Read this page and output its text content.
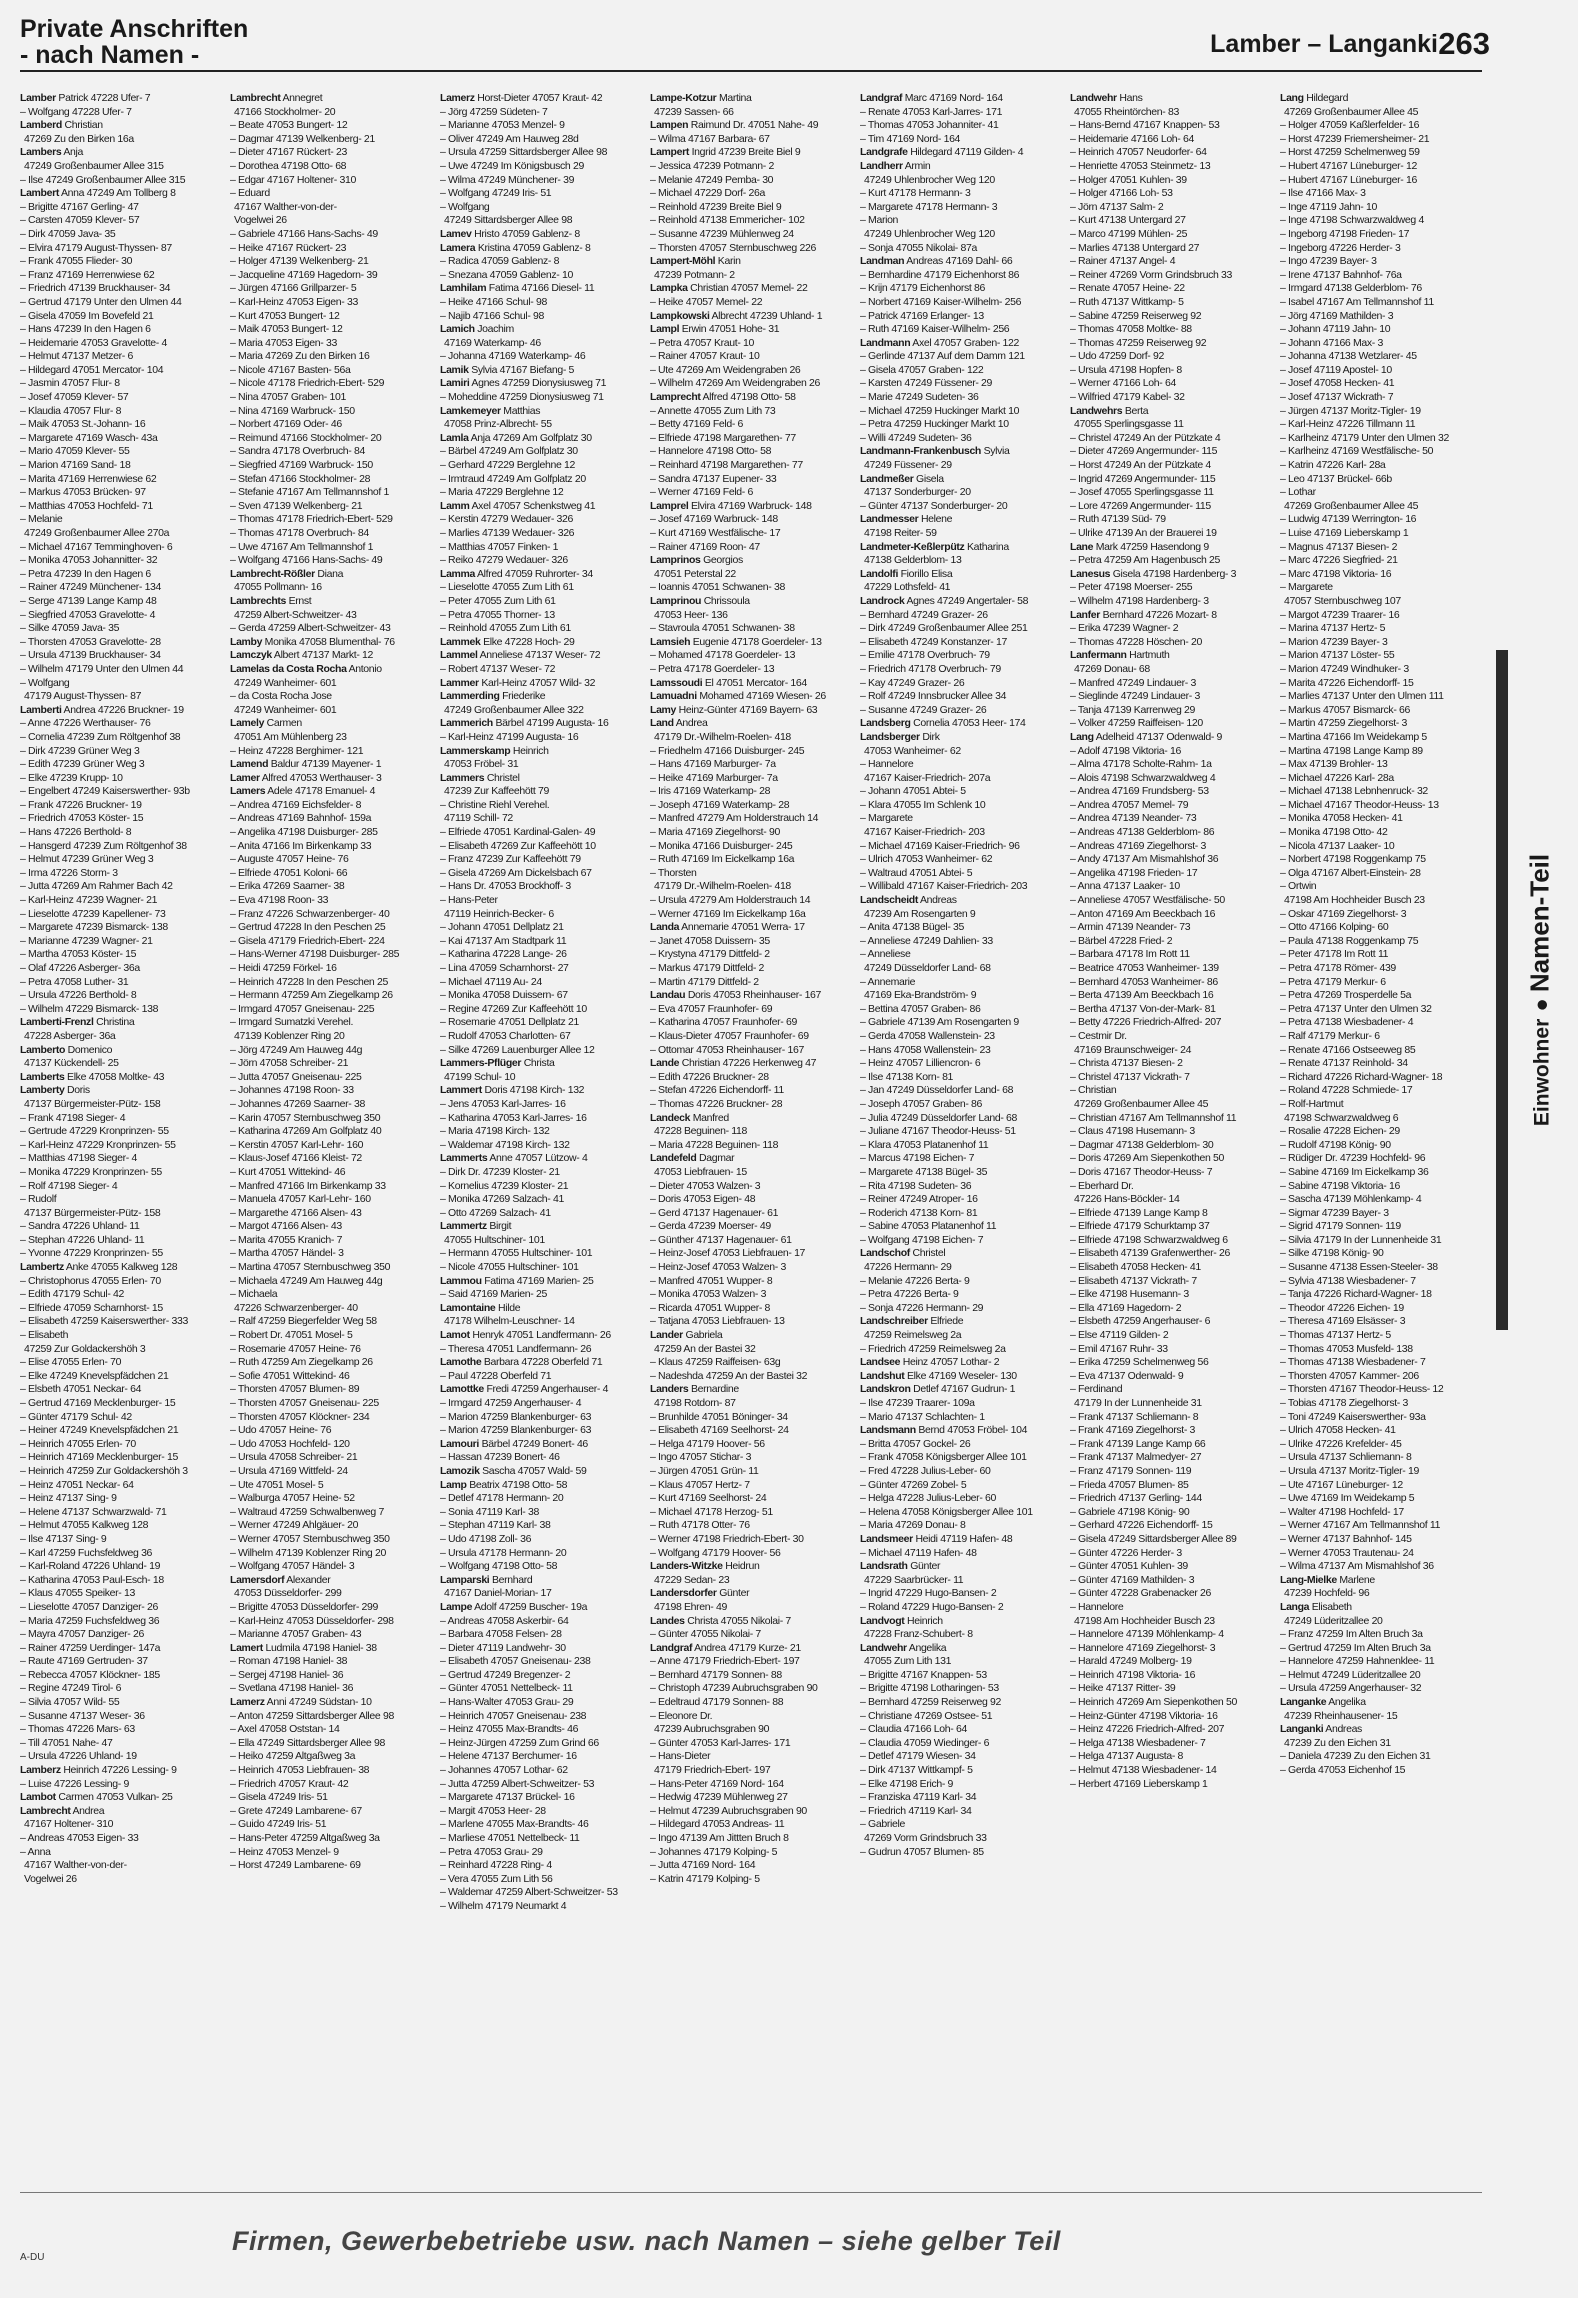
Private Anschriften
- nach Namen -	Lamber – Langanki 263
Lamber Patrick 47228 Ufer- 7
– Wolfgang 47228 Ufer- 7
Lamberd Christian
47269 Zu den Birken 16a
Lambers Anja
47249 Großenbaumer Allee 315
– Ilse 47249 Großenbaumer Allee 315
Lambert Anna 47249 Am Tollberg 8
– Brigitte 47167 Gerling- 47
– Carsten 47059 Klever- 57
– Dirk 47059 Java- 35
– Elvira 47179 August-Thyssen- 87
– Frank 47055 Flieder- 30
– Franz 47169 Herrenwiese 62
– Friedrich 47139 Bruckhauser- 34
– Gertrud 47179 Unter den Ulmen 44
– Gisela 47059 Im Bovefeld 21
– Hans 47239 In den Hagen 6
– Heidemarie 47053 Gravelotte- 4
– Helmut 47137 Metzer- 6
– Hildegard 47051 Mercator- 104
– Jasmin 47057 Flur- 8
– Josef 47059 Klever- 57
– Klaudia 47057 Flur- 8
– Maik 47053 St.-Johann- 16
– Margarete 47169 Wasch- 43a
– Mario 47059 Klever- 55
– Marion 47169 Sand- 18
– Marita 47169 Herrenwiese 62
– Markus 47053 Brücken- 97
– Matthias 47053 Hochfeld- 71
– Melanie
47249 Großenbaumer Allee 270a
– Michael 47167 Temminghoven- 6
– Monika 47053 Johannitter- 32
– Petra 47239 In den Hagen 6
– Rainer 47249 Münchener- 134
– Serge 47139 Lange Kamp 48
– Siegfried 47053 Gravelotte- 4
– Silke 47059 Java- 35
– Thorsten 47053 Gravelotte- 28
– Ursula 47139 Bruckhauser- 34
– Wilhelm 47179 Unter den Ulmen 44
– Wolfgang
47179 August-Thyssen- 87
Lamberti Andrea 47226 Bruckner- 19
– Anne 47226 Werthauser- 76
– Cornelia 47239 Zum Röltgenhof 38
– Dirk 47239 Grüner Weg 3
– Edith 47239 Grüner Weg 3
– Elke 47239 Krupp- 10
– Engelbert 47249 Kaiserswerther- 93b
– Frank 47226 Bruckner- 19
– Friedrich 47053 Köster- 15
– Hans 47226 Berthold- 8
– Hansgerd 47239 Zum Röltgenhof 38
– Helmut 47239 Grüner Weg 3
– Irma 47226 Storm- 3
– Jutta 47269 Am Rahmer Bach 42
– Karl-Heinz 47239 Wagner- 21
– Lieselotte 47239 Kapellener- 73
– Margarete 47239 Bismarck- 138
– Marianne 47239 Wagner- 21
– Martha 47053 Köster- 15
– Olaf 47226 Asberger- 36a
– Petra 47058 Luther- 31
– Ursula 47226 Berthold- 8
– Wilhelm 47229 Bismarck- 138
Lamberti-Frenzl Christina
47228 Asberger- 36a
Lamberto Domenico
47137 Kückendell- 25
Lamberts Elke 47058 Moltke- 43
Lamberty Doris
47137 Bürgermeister-Pütz- 158
– Frank 47198 Sieger- 4
– Gertrude 47229 Kronprinzen- 55
– Karl-Heinz 47229 Kronprinzen- 55
– Matthias 47198 Sieger- 4
– Monika 47229 Kronprinzen- 55
– Rolf 47198 Sieger- 4
– Rudolf
47137 Bürgermeister-Pütz- 158
– Sandra 47226 Uhland- 11
– Stephan 47226 Uhland- 11
– Yvonne 47229 Kronprinzen- 55
Lambertz Anke 47055 Kalkweg 128
– Christophorus 47055 Erlen- 70
– Edith 47179 Schul- 42
– Elfriede 47059 Scharnhorst- 15
– Elisabeth 47259 Kaiserswerther- 333
– Elisabeth
47259 Zur Goldackershöh 3
– Elise 47055 Erlen- 70
– Elke 47249 Knevelspfädchen 21
– Elsbeth 47051 Neckar- 64
– Gertrud 47169 Mecklenburger- 15
– Günter 47179 Schul- 42
– Heiner 47249 Knevelspfädchen 21
– Heinrich 47055 Erlen- 70
– Heinrich 47169 Mecklenburger- 15
– Heinrich 47259 Zur Goldackershöh 3
– Heinz 47051 Neckar- 64
– Heinz 47137 Sing- 9
– Helene 47137 Schwarzwald- 71
– Helmut 47055 Kalkweg 128
– Ilse 47137 Sing- 9
– Karl 47259 Fuchsfeldweg 36
– Karl-Roland 47226 Uhland- 19
– Katharina 47053 Paul-Esch- 18
– Klaus 47055 Speiker- 13
– Lieselotte 47057 Danziger- 26
– Maria 47259 Fuchsfeldweg 36
– Mayra 47057 Danziger- 26
– Rainer 47259 Uerdinger- 147a
– Raute 47169 Gertruden- 37
– Rebecca 47057 Klöckner- 185
– Regine 47249 Tirol- 6
– Silvia 47057 Wild- 55
– Susanne 47137 Weser- 36
– Thomas 47226 Mars- 63
– Till 47051 Nahe- 47
– Ursula 47226 Uhland- 19
Lamberz Heinrich 47226 Lessing- 9
– Luise 47226 Lessing- 9
Lambot Carmen 47053 Vulkan- 25
Lambrecht Andrea
47167 Holtener- 310
– Andreas 47053 Eigen- 33
– Anna
47167 Walther-von-der-
Vogelwei 26
Lambrecht Annegret
47166 Stockholmer- 20
– Beate 47053 Bungert- 12
– Dagmar 47139 Welkenberg- 21
– Dieter 47167 Rückert- 23
– Dorothea 47198 Otto- 68
– Edgar 47167 Holtener- 310
– Eduard
47167 Walther-von-der-
Vogelwei 26
– Gabriele 47166 Hans-Sachs- 49
– Heike 47167 Rückert- 23
– Holger 47139 Welkenberg- 21
– Jacqueline 47169 Hagedorn- 39
– Jürgen 47166 Grillparzer- 5
– Karl-Heinz 47053 Eigen- 33
– Kurt 47053 Bungert- 12
– Maik 47053 Bungert- 12
– Maria 47053 Eigen- 33
– Maria 47269 Zu den Birken 16
– Nicole 47167 Basten- 56a
– Nicole 47178 Friedrich-Ebert- 529
– Nina 47057 Graben- 101
– Nina 47169 Warbruck- 150
– Norbert 47169 Oder- 46
– Reimund 47166 Stockholmer- 20
– Sandra 47178 Overbruch- 84
– Siegfried 47169 Warbruck- 150
– Stefan 47166 Stockholmer- 28
– Stefanie 47167 Am Tellmannshof 1
– Sven 47139 Welkenberg- 21
– Thomas 47178 Friedrich-Ebert- 529
– Thomas 47178 Overbruch- 84
– Uwe 47167 Am Tellmannshof 1
– Wolfgang 47166 Hans-Sachs- 49
Lambrecht-Rößler Diana
47055 Pollmann- 16
Lambrechts Ernst
47259 Albert-Schweitzer- 43
– Gerda 47259 Albert-Schweitzer- 43
Lamby Monika 47058 Blumenthal- 76
Lamczyk Albert 47137 Markt- 12
Lamelas da Costa Rocha Antonio
47249 Wanheimer- 601
– da Costa Rocha Jose
47249 Wanheimer- 601
Lamely Carmen
47051 Am Mühlenberg 23
– Heinz 47228 Berghimer- 121
Lamend Baldur 47139 Mayener- 1
Lamer Alfred 47053 Werthauser- 3
Lamers Adele 47178 Emanuel- 4
– Andrea 47169 Eichsfelder- 8
– Andreas 47169 Bahnhof- 159a
– Angelika 47198 Duisburger- 285
– Anita 47166 Im Birkenkamp 33
– Auguste 47057 Heine- 76
– Elfriede 47051 Koloni- 66
– Erika 47269 Saarner- 38
– Eva 47198 Roon- 33
– Franz 47226 Schwarzenberger- 40
– Gertrud 47228 In den Peschen 25
– Gisela 47179 Friedrich-Ebert- 224
– Hans-Werner 47198 Duisburger- 285
– Heidi 47259 Förkel- 16
– Heinrich 47228 In den Peschen 25
– Hermann 47259 Am Ziegelkamp 26
– Irmgard 47057 Gneisenau- 225
– Irmgard Sumatzki Verehel.
47139 Koblenzer Ring 20
– Jörg 47249 Am Hauweg 44g
– Jörn 47058 Schreiber- 21
– Jutta 47057 Gneisenau- 225
– Johannes 47198 Roon- 33
– Johannes 47269 Saarner- 38
– Karin 47057 Sternbuschweg 350
– Katharina 47269 Am Golfplatz 40
– Kerstin 47057 Karl-Lehr- 160
– Klaus-Josef 47166 Kleist- 72
– Kurt 47051 Wittekind- 46
– Manfred 47166 Im Birkenkamp 33
– Manuela 47057 Karl-Lehr- 160
– Margarethe 47166 Alsen- 43
– Margot 47166 Alsen- 43
– Marita 47055 Kranich- 7
– Martha 47057 Händel- 3
– Martina 47057 Sternbuschweg 350
– Michaela 47249 Am Hauweg 44g
– Michaela
47226 Schwarzenberger- 40
– Ralf 47259 Biegerfelder Weg 58
– Robert Dr. 47051 Mosel- 5
– Rosemarie 47057 Heine- 76
– Ruth 47259 Am Ziegelkamp 26
– Sofie 47051 Wittekind- 46
– Thorsten 47057 Blumen- 89
– Thorsten 47057 Gneisenau- 225
– Thorsten 47057 Klöckner- 234
– Udo 47057 Heine- 76
– Udo 47053 Hochfeld- 120
– Ursula 47058 Schreiber- 21
– Ursula 47169 Wittfeld- 24
– Ute 47051 Mosel- 5
– Walburga 47057 Heine- 52
– Waltraud 47259 Schwalbenweg 7
– Werner 47249 Ahlgäuer- 20
– Werner 47057 Sternbuschweg 350
– Wilhelm 47139 Koblenzer Ring 20
– Wolfgang 47057 Händel- 3
Lamersdorf Alexander
47053 Düsseldorfer- 299
– Brigitte 47053 Düsseldorfer- 299
– Karl-Heinz 47053 Düsseldorfer- 298
– Marianne 47057 Graben- 43
Lamert Ludmila 47198 Haniel- 38
– Roman 47198 Haniel- 38
– Sergej 47198 Haniel- 36
– Svetlana 47198 Haniel- 36
Lamerz Anni 47249 Südstan- 10
– Anton 47259 Sittardsberger Allee 98
– Axel 47058 Oststan- 14
– Ella 47249 Sittardsberger Allee 98
– Heiko 47259 Altgaßweg 3a
– Heinrich 47053 Liebfrauen- 38
– Friedrich 47057 Kraut- 42
– Gisela 47249 Iris- 51
– Grete 47249 Lambarene- 67
– Guido 47249 Iris- 51
– Hans-Peter 47259 Altgaßweg 3a
– Heinz 47053 Menzel- 9
– Horst 47249 Lambarene- 69
Lamerz Horst-Dieter 47057 Kraut- 42
– Jörg 47259 Südeten- 7
– Marianne 47053 Menzel- 9
– Oliver 47249 Am Hauweg 28d
– Ursula 47259 Sittardsberger Allee 98
– Uwe 47249 Im Königsbusch 29
– Wilma 47249 Münchener- 39
– Wolfgang 47249 Iris- 51
– Wolfgang
47249 Sittardsberger Allee 98
Lamev Hristo 47059 Gablenz- 8
Lamera Kristina 47059 Gablenz- 8
– Radica 47059 Gablenz- 8
– Snezana 47059 Gablenz- 10
Lamhilam Fatima 47166 Diesel- 11
– Heike 47166 Schul- 98
– Najib 47166 Schul- 98
Lamich Joachim
47169 Waterkamp- 46
– Johanna 47169 Waterkamp- 46
Lamik Sylvia 47167 Biefang- 5
Lamiri Agnes 47259 Dionysiusweg 71
– Moheddine 47259 Dionysiusweg 71
Lamkemeyer Matthias
47058 Prinz-Albrecht- 55
Lamla Anja 47269 Am Golfplatz 30
– Bärbel 47249 Am Golfplatz 30
– Gerhard 47229 Berglehne 12
– Irmtraud 47249 Am Golfplatz 20
– Maria 47229 Berglehne 12
Lamm Axel 47057 Schenkstweg 41
– Kerstin 47279 Wedauer- 326
– Marlies 47139 Wedauer- 326
– Matthias 47057 Finken- 1
– Reiko 47279 Wedauer- 326
Lamma Alfred 47059 Ruhrorter- 34
– Lieselotte 47055 Zum Lith 61
– Peter 47055 Zum Lith 61
– Petra 47055 Thorner- 13
– Reinhold 47055 Zum Lith 61
Lammek Elke 47228 Hoch- 29
Lammel Anneliese 47137 Weser- 72
– Robert 47137 Weser- 72
Lammer Karl-Heinz 47057 Wild- 32
Lammerding Friederike
47249 Großenbaumer Allee 322
Lammerich Bärbel 47199 Augusta- 16
– Karl-Heinz 47199 Augusta- 16
Lammerskamp Heinrich
47053 Fröbel- 31
Lammers Christel
47239 Zur Kaffeehött 79
– Christine Riehl Verehel.
47119 Schill- 72
– Elfriede 47051 Kardinal-Galen- 49
– Elisabeth 47269 Zur Kaffeehött 10
– Franz 47239 Zur Kaffeehött 79
– Gisela 47269 Am Dickelsbach 67
– Hans Dr. 47053 Brockhoff- 3
– Hans-Peter
47119 Heinrich-Becker- 6
– Johann 47051 Dellplatz 21
– Kai 47137 Am Stadtpark 11
– Katharina 47228 Lange- 26
– Lina 47059 Scharnhorst- 27
– Michael 47119 Au- 24
– Monika 47058 Duissern- 67
– Regine 47269 Zur Kaffeehött 10
– Rosemarie 47051 Dellplatz 21
– Rudolf 47053 Charlotten- 67
– Silke 47269 Lauenburger Allee 12
Lammers-Pflüger Christa
47199 Schul- 10
Lammert Doris 47198 Kirch- 132
– Jens 47053 Karl-Jarres- 16
– Katharina 47053 Karl-Jarres- 16
– Maria 47198 Kirch- 132
– Waldemar 47198 Kirch- 132
Lammerts Anne 47057 Lützow- 4
– Dirk Dr. 47239 Kloster- 21
– Kornelius 47239 Kloster- 21
– Monika 47269 Salzach- 41
– Otto 47269 Salzach- 41
Lammertz Birgit
47055 Hultschiner- 101
– Hermann 47055 Hultschiner- 101
– Nicole 47055 Hultschiner- 101
Lammou Fatima 47169 Marien- 25
– Said 47169 Marien- 25
Lamontaine Hilde
47178 Wilhelm-Leuschner- 14
Lamot Henryk 47051 Landfermann- 26
– Theresa 47051 Landfermann- 26
Lamothe Barbara 47228 Oberfeld 71
– Paul 47228 Oberfeld 71
Lamottke Fredi 47259 Angerhauser- 4
– Irmgard 47259 Angerhauser- 4
– Marion 47259 Blankenburger- 63
– Marion 47259 Blankenburger- 63
Lamouri Bärbel 47249 Bonert- 46
– Hassan 47239 Bonert- 46
Lamozik Sascha 47057 Wald- 59
Lamp Beatrix 47198 Otto- 58
– Detlef 47178 Hermann- 20
– Sonia 47119 Karl- 38
– Stephan 47119 Karl- 38
– Udo 47198 Zoll- 36
– Ursula 47178 Hermann- 20
– Wolfgang 47198 Otto- 58
Lamparski Bernhard
47167 Daniel-Morian- 17
Lampe Adolf 47259 Buscher- 19a
– Andreas 47058 Askerbir- 64
– Barbara 47058 Felsen- 28
– Dieter 47119 Landwehr- 30
– Elisabeth 47057 Gneisenau- 238
– Gertrud 47249 Bregenzer- 2
– Günter 47051 Nettelbeck- 11
– Hans-Walter 47053 Grau- 29
– Heinrich 47057 Gneisenau- 238
– Heinz 47055 Max-Brandts- 46
– Heinz-Jürgen 47259 Zum Grind 66
– Helene 47137 Berchumer- 16
– Johannes 47057 Lothar- 62
– Jutta 47259 Albert-Schweitzer- 53
– Margarete 47137 Brückel- 16
– Margit 47053 Heer- 28
– Marlene 47055 Max-Brandts- 46
– Marliese 47051 Nettelbeck- 11
– Petra 47053 Grau- 29
– Reinhard 47228 Ring- 4
– Vera 47055 Zum Lith 56
– Waldemar 47259 Albert-Schweitzer- 53
– Wilhelm 47179 Neumarkt 4
Lampe-Kotzur Martina
47239 Sassen- 66
Lampen Raimund Dr. 47051 Nahe- 49
– Wilma 47167 Barbara- 67
Lampert Ingrid 47239 Breite Biel 9
– Jessica 47239 Potmann- 2
– Melanie 47249 Pemba- 30
– Michael 47229 Dorf- 26a
– Reinhold 47239 Breite Biel 9
– Reinhold 47138 Emmericher- 102
– Susanne 47239 Mühlenweg 24
– Thorsten 47057 Sternbuschweg 226
Lampert-Möhl Karin
47239 Potmann- 2
Lampka Christian 47057 Memel- 22
– Heike 47057 Memel- 22
Lampkowski Albrecht 47239 Uhland- 1
Lampl Erwin 47051 Hohe- 31
– Petra 47057 Kraut- 10
– Rainer 47057 Kraut- 10
– Ute 47269 Am Weidengraben 26
– Wilhelm 47269 Am Weidengraben 26
Lamprecht Alfred 47198 Otto- 58
– Annette 47055 Zum Lith 73
– Betty 47169 Feld- 6
– Elfriede 47198 Margarethen- 77
– Hannelore 47198 Otto- 58
– Reinhard 47198 Margarethen- 77
– Sandra 47137 Eupener- 33
– Werner 47169 Feld- 6
Lamprel Elvira 47169 Warbruck- 148
– Josef 47169 Warbruck- 148
– Kurt 47169 Westfälische- 17
– Rainer 47169 Roon- 47
Lamprinos Georgios
47051 Peterstal 22
– Ioannis 47051 Schwanen- 38
Lamprinou Chrissoula
47053 Heer- 136
– Stavroula 47051 Schwanen- 38
Lamsieh Eugenie 47178 Goerdeler- 13
– Mohamed 47178 Goerdeler- 13
– Petra 47178 Goerdeler- 13
Lamssoudi El 47051 Mercator- 164
Lamuadni Mohamed 47169 Wiesen- 26
Lamy Heinz-Günter 47169 Bayern- 63
Land Andrea
47179 Dr.-Wilhelm-Roelen- 418
– Friedhelm 47166 Duisburger- 245
– Hans 47169 Marburger- 7a
– Heike 47169 Marburger- 7a
– Iris 47169 Waterkamp- 28
– Joseph 47169 Waterkamp- 28
– Manfred 47279 Am Holderstrauch 14
– Maria 47169 Ziegelhorst- 90
– Monika 47166 Duisburger- 245
– Ruth 47169 Im Eickelkamp 16a
– Thorsten
47179 Dr.-Wilhelm-Roelen- 418
– Ursula 47279 Am Holderstrauch 14
– Werner 47169 Im Eickelkamp 16a
Landa Annemarie 47051 Werra- 17
– Janet 47058 Duissern- 35
– Krystyna 47179 Dittfeld- 2
– Markus 47179 Dittfeld- 2
– Martin 47179 Dittfeld- 2
Landau Doris 47053 Rheinhauser- 167
– Eva 47057 Fraunhofer- 69
– Katharina 47057 Fraunhofer- 69
– Klaus-Dieter 47057 Fraunhofer- 69
– Ottomar 47053 Rheinhauser- 167
Lande Christian 47226 Herkenweg 47
– Edith 47226 Bruckner- 28
– Stefan 47226 Eichendorff- 11
– Thomas 47226 Bruckner- 28
Landeck Manfred
47228 Beguinen- 118
– Maria 47228 Beguinen- 118
Landefeld Dagmar
47053 Liebfrauen- 15
– Dieter 47053 Walzen- 3
– Doris 47053 Eigen- 48
– Gerd 47137 Hagenauer- 61
– Gerda 47239 Moerser- 49
– Günther 47137 Hagenauer- 61
– Heinz-Josef 47053 Liebfrauen- 17
– Heinz-Josef 47053 Walzen- 3
– Manfred 47051 Wupper- 8
– Monika 47053 Walzen- 3
– Ricarda 47051 Wupper- 8
– Tatjana 47053 Liebfrauen- 13
Lander Gabriela
47259 An der Bastei 32
– Klaus 47259 Raiffeisen- 63g
– Nadeshda 47259 An der Bastei 32
Landers Bernardine
47198 Rotdorn- 87
– Brunhilde 47051 Böninger- 34
– Elisabeth 47169 Seelhorst- 24
– Helga 47179 Hoover- 56
– Ingo 47057 Stichar- 3
– Jürgen 47051 Grün- 11
– Klaus 47057 Hertz- 7
– Kurt 47169 Seelhorst- 24
– Michael 47178 Herzog- 51
– Ruth 47178 Otter- 76
– Werner 47198 Friedrich-Ebert- 30
– Wolfgang 47179 Hoover- 56
Landers-Witzke Heidrun
47229 Sedan- 23
Landersdorfer Günter
47198 Ehren- 49
Landes Christa 47055 Nikolai- 7
– Günter 47055 Nikolai- 7
Landgraf Andrea 47179 Kurze- 21
– Anne 47179 Friedrich-Ebert- 197
– Bernhard 47179 Sonnen- 88
– Christoph 47239 Aubruchsgraben 90
– Edeltraud 47179 Sonnen- 88
– Eleonore Dr.
47239 Aubruchsgraben 90
– Günter 47053 Karl-Jarres- 171
– Hans-Dieter
47179 Friedrich-Ebert- 197
– Hans-Peter 47169 Nord- 164
– Hedwig 47239 Mühlenweg 27
– Helmut 47239 Aubruchsgraben 90
– Hildegard 47053 Andreas- 11
– Ingo 47139 Am Jittten Bruch 8
– Johannes 47179 Kolping- 5
– Jutta 47169 Nord- 164
– Katrin 47179 Kolping- 5
Landgraf Marc 47169 Nord- 164
– Renate 47053 Karl-Jarres- 171
– Thomas 47053 Johanniter- 41
– Tim 47169 Nord- 164
Landgrafe Hildegard 47119 Gilden- 4
Landherr Armin
47249 Uhlenbrocher Weg 120
– Kurt 47178 Hermann- 3
– Margarete 47178 Hermann- 3
– Marion
47249 Uhlenbrocher Weg 120
– Sonja 47055 Nikolai- 87a
Landman Andreas 47169 Dahl- 66
– Bernhardine 47179 Eichenhorst 86
– Krijn 47179 Eichenhorst 86
– Norbert 47169 Kaiser-Wilhelm- 256
– Patrick 47169 Erlanger- 13
– Ruth 47169 Kaiser-Wilhelm- 256
Landmann Axel 47057 Graben- 122
– Gerlinde 47137 Auf dem Damm 121
– Gisela 47057 Graben- 122
– Karsten 47249 Füssener- 29
– Marie 47249 Sudeten- 36
– Michael 47259 Huckinger Markt 10
– Petra 47259 Huckinger Markt 10
– Willi 47249 Sudeten- 36
Landmann-Frankenbusch Sylvia
47249 Füssener- 29
Landmeßer Gisela
47137 Sonderburger- 20
– Günter 47137 Sonderburger- 20
Landmesser Helene
47198 Reiter- 59
Landmeter-Keßlerpütz Katharina
47138 Gelderblom- 13
Landolfi Fiorillo Elisa
47229 Lothsfeld- 41
Landrock Agnes 47249 Angertaler- 58
– Bernhard 47249 Grazer- 26
– Dirk 47249 Großenbaumer Allee 251
– Elisabeth 47249 Konstanzer- 17
– Emilie 47178 Overbruch- 79
– Friedrich 47178 Overbruch- 79
– Kay 47249 Grazer- 26
– Rolf 47249 Innsbrucker Allee 34
– Susanne 47249 Grazer- 26
Landsberg Cornelia 47053 Heer- 174
Landsberger Dirk
47053 Wanheimer- 62
– Hannelore
47167 Kaiser-Friedrich- 207a
– Johann 47051 Abtei- 5
– Klara 47055 Im Schlenk 10
– Margarete
47167 Kaiser-Friedrich- 203
– Michael 47169 Kaiser-Friedrich- 96
– Ulrich 47053 Wanheimer- 62
– Waltraud 47051 Abtei- 5
– Willibald 47167 Kaiser-Friedrich- 203
Landscheidt Andreas
47239 Am Rosengarten 9
– Anita 47138 Bügel- 35
– Anneliese 47249 Dahlien- 33
– Anneliese
47249 Düsseldorfer Land- 68
– Annemarie
47169 Eka-Brandström- 9
– Bettina 47057 Graben- 86
– Gabriele 47139 Am Rosengarten 9
– Gerda 47058 Wallenstein- 23
– Hans 47058 Wallenstein- 23
– Heinz 47057 Lilliencron- 6
– Ilse 47138 Korn- 81
– Jan 47249 Düsseldorfer Land- 68
– Joseph 47057 Graben- 86
– Julia 47249 Düsseldorfer Land- 68
– Juliane 47167 Theodor-Heuss- 51
– Klara 47053 Platanenhof 11
– Marcus 47198 Eichen- 7
– Margarete 47138 Bügel- 35
– Rita 47198 Sudeten- 36
– Reiner 47249 Atroper- 16
– Roderich 47138 Korn- 81
– Sabine 47053 Platanenhof 11
– Wolfgang 47198 Eichen- 7
Landschof Christel
47226 Hermann- 29
– Melanie 47226 Berta- 9
– Petra 47226 Berta- 9
– Sonja 47226 Hermann- 29
Landschreiber Elfriede
47259 Reimelsweg 2a
– Friedrich 47259 Reimelsweg 2a
Landsee Heinz 47057 Lothar- 2
Landshut Elke 47169 Weseler- 130
Landskron Detlef 47167 Gudrun- 1
– Ilse 47239 Traarer- 109a
– Mario 47137 Schlachten- 1
Landsmann Bernd 47053 Fröbel- 104
– Britta 47057 Gockel- 26
– Frank 47058 Königsberger Allee 101
– Fred 47228 Julius-Leber- 60
– Günter 47269 Zobel- 5
– Helga 47228 Julius-Leber- 60
– Helena 47058 Königsberger Allee 101
– Maria 47269 Donau- 8
Landsmeer Heidi 47119 Hafen- 48
– Michael 47119 Hafen- 48
Landsrath Günter
47229 Saarbrücker- 11
– Ingrid 47229 Hugo-Bansen- 2
– Roland 47229 Hugo-Bansen- 2
Landvogt Heinrich
47228 Franz-Schubert- 8
Landwehr Angelika
47055 Zum Lith 131
– Brigitte 47167 Knappen- 53
– Brigitte 47198 Lotharingen- 53
– Bernhard 47259 Reiserweg 92
– Christiane 47269 Ostsee- 51
– Claudia 47166 Loh- 64
– Claudia 47059 Wiedinger- 6
– Detlef 47179 Wiesen- 34
– Dirk 47137 Wittkampf- 5
– Elke 47198 Erich- 9
– Franziska 47119 Karl- 34
– Friedrich 47119 Karl- 34
– Gabriele
47269 Vorm Grindsbruch 33
– Gudrun 47057 Blumen- 85
Landwehr Hans
47055 Rheintörchen- 83
– Hans-Bernd 47167 Knappen- 53
– Heidemarie 47166 Loh- 64
– Heinrich 47057 Neudorfer- 64
– Henriette 47053 Steinmetz- 13
– Holger 47051 Kuhlen- 39
– Holger 47166 Loh- 53
– Jörn 47137 Salm- 2
– Kurt 47138 Untergard 27
– Marco 47199 Mühlen- 25
– Marlies 47138 Untergard 27
– Rainer 47137 Angel- 4
– Reiner 47269 Vorm Grindsbruch 33
– Renate 47057 Heine- 22
– Ruth 47137 Wittkamp- 5
– Sabine 47259 Reiserweg 92
– Thomas 47058 Moltke- 88
– Thomas 47259 Reiserweg 92
– Udo 47259 Dorf- 92
– Ursula 47198 Hopfen- 8
– Werner 47166 Loh- 64
– Wilfried 47179 Kabel- 32
Landwehrs Berta
47055 Sperlingsgasse 11
– Christel 47249 An der Pützkate 4
– Dieter 47269 Angermunder- 115
– Horst 47249 An der Pützkate 4
– Ingrid 47269 Angermunder- 115
– Josef 47055 Sperlingsgasse 11
– Lore 47269 Angermunder- 115
– Ruth 47139 Süd- 79
– Ulrike 47139 An der Brauerei 19
Lane Mark 47259 Hasendong 9
– Petra 47259 Am Hagenbusch 25
Lanesus Gisela 47198 Hardenberg- 3
– Peter 47198 Moerser- 255
– Wilhelm 47198 Hardenberg- 3
Lanfer Bernhard 47226 Mozart- 8
– Erika 47239 Wagner- 2
– Thomas 47228 Höschen- 20
Lanfermann Hartmuth
47269 Donau- 68
– Manfred 47249 Lindauer- 3
– Sieglinde 47249 Lindauer- 3
– Tanja 47139 Karrenweg 29
– Volker 47259 Raiffeisen- 120
Lang Adelheid 47137 Odenwald- 9
– Adolf 47198 Viktoria- 16
– Alma 47178 Scholte-Rahm- 1a
– Alois 47198 Schwarzwaldweg 4
– Andrea 47169 Frundsberg- 53
– Andrea 47057 Memel- 79
– Andrea 47139 Neander- 73
– Andreas 47138 Gelderblom- 86
– Andreas 47169 Ziegelhorst- 3
– Andy 47137 Am Mismahlshof 36
– Angelika 47198 Frieden- 17
– Anna 47137 Laaker- 10
– Anneliese 47057 Westfälische- 50
– Anton 47169 Am Beeckbach 16
– Armin 47139 Neander- 73
– Bärbel 47228 Fried- 2
– Barbara 47178 Im Rott 11
– Beatrice 47053 Wanheimer- 139
– Bernhard 47053 Wanheimer- 86
– Berta 47139 Am Beeckbach 16
– Bertha 47137 Von-der-Mark- 81
– Betty 47226 Friedrich-Alfred- 207
– Cestmir Dr.
47169 Braunschweiger- 24
– Christa 47137 Biesen- 2
– Christel 47137 Vickrath- 7
– Christian
47269 Großenbaumer Allee 45
– Christian 47167 Am Tellmannshof 11
– Claus 47198 Husemann- 3
– Dagmar 47138 Gelderblom- 30
– Doris 47269 Am Siepenkothen 50
– Doris 47167 Theodor-Heuss- 7
– Eberhard Dr.
47226 Hans-Böckler- 14
– Elfriede 47139 Lange Kamp 8
– Elfriede 47179 Schurktamp 37
– Elfriede 47198 Schwarzwaldweg 6
– Elisabeth 47139 Grafenwerther- 26
– Elisabeth 47058 Hecken- 41
– Elisabeth 47137 Vickrath- 7
– Elke 47198 Husemann- 3
– Ella 47169 Hagedorn- 2
– Elsbeth 47259 Angerhauser- 6
– Else 47119 Gilden- 2
– Emil 47167 Ruhr- 33
– Erika 47259 Schelmenweg 56
– Eva 47137 Odenwald- 9
– Ferdinand
47179 In der Lunnenheide 31
– Frank 47137 Schliemann- 8
– Frank 47169 Ziegelhorst- 3
– Frank 47139 Lange Kamp 66
– Frank 47137 Malmedyer- 27
– Franz 47179 Sonnen- 119
– Frieda 47057 Blumen- 85
– Friedrich 47137 Gerling- 144
– Gabriele 47198 König- 90
– Gerhard 47226 Eichendorff- 15
– Gisela 47249 Sittardsberger Allee 89
– Günter 47226 Herder- 3
– Günter 47051 Kuhlen- 39
– Günter 47169 Mathilden- 3
– Günter 47228 Grabenacker 26
– Hannelore
47198 Am Hochheider Busch 23
– Hannelore 47139 Möhlenkamp- 4
– Hannelore 47169 Ziegelhorst- 3
– Harald 47249 Molberg- 19
– Heinrich 47198 Viktoria- 16
– Heike 47137 Ritter- 39
– Heinrich 47269 Am Siepenkothen 50
– Heinz-Günter 47198 Viktoria- 16
– Heinz 47226 Friedrich-Alfred- 207
– Helga 47138 Wiesbadener- 7
– Helga 47137 Augusta- 8
– Helmut 47138 Wiesbadener- 14
– Herbert 47169 Lieberskamp 1
Lang Hildegard
47269 Großenbaumer Allee 45
– Holger 47059 Kaßlerfelder- 16
– Horst 47239 Friemersheimer- 21
– Horst 47259 Schelmenweg 59
– Hubert 47167 Lüneburger- 12
– Hubert 47167 Lüneburger- 16
– Ilse 47166 Max- 3
– Inge 47119 Jahn- 10
– Inge 47198 Schwarzwaldweg 4
– Ingeborg 47198 Frieden- 17
– Ingeborg 47226 Herder- 3
– Ingo 47239 Bayer- 3
– Irene 47137 Bahnhof- 76a
– Irmgard 47138 Gelderblom- 76
– Isabel 47167 Am Tellmannshof 11
– Jörg 47169 Mathilden- 3
– Johann 47119 Jahn- 10
– Johann 47166 Max- 3
– Johanna 47138 Wetzlarer- 45
– Josef 47119 Apostel- 10
– Josef 47058 Hecken- 41
– Josef 47137 Wickrath- 7
– Jürgen 47137 Moritz-Tigler- 19
– Karl-Heinz 47226 Tillmann 11
– Karlheinz 47179 Unter den Ulmen 32
– Karlheinz 47169 Westfälische- 50
– Katrin 47226 Karl- 28a
– Leo 47137 Brückel- 66b
– Lothar
47269 Großenbaumer Allee 45
– Ludwig 47139 Werrington- 16
– Luise 47169 Lieberskamp 1
– Magnus 47137 Biesen- 2
– Marc 47226 Siegfried- 21
– Marc 47198 Viktoria- 16
– Margarete
47057 Sternbuschweg 107
– Margot 47239 Traarer- 16
– Marina 47137 Hertz- 5
– Marion 47239 Bayer- 3
– Marion 47137 Löster- 55
– Marion 47249 Windhuker- 3
– Marita 47226 Eichendorff- 15
– Marlies 47137 Unter den Ulmen 111
– Markus 47057 Bismarck- 66
– Martin 47259 Ziegelhorst- 3
– Martina 47166 Im Weidekamp 5
– Martina 47198 Lange Kamp 89
– Max 47139 Brohler- 13
– Michael 47226 Karl- 28a
– Michael 47138 Lebnhenruck- 32
– Michael 47167 Theodor-Heuss- 13
– Monika 47058 Hecken- 41
– Monika 47198 Otto- 42
– Nicola 47137 Laaker- 10
– Norbert 47198 Roggenkamp 75
– Olga 47167 Albert-Einstein- 28
– Ortwin
47198 Am Hochheider Busch 23
– Oskar 47169 Ziegelhorst- 3
– Otto 47166 Kolping- 60
– Paula 47138 Roggenkamp 75
– Peter 47178 Im Rott 11
– Petra 47178 Römer- 439
– Petra 47179 Merkur- 6
– Petra 47269 Trosperdelle 5a
– Petra 47137 Unter den Ulmen 32
– Petra 47138 Wiesbadener- 4
– Ralf 47179 Merkur- 6
– Renate 47166 Ostseeweg 85
– Renate 47137 Reinhold- 34
– Richard 47226 Richard-Wagner- 18
– Roland 47228 Schmiede- 17
– Rolf-Hartmut
47198 Schwarzwaldweg 6
– Rosalie 47228 Eichen- 29
– Rudolf 47198 König- 90
– Rüdiger Dr. 47239 Hochfeld- 96
– Sabine 47169 Im Eickelkamp 36
– Sabine 47198 Viktoria- 16
– Sascha 47139 Möhlenkamp- 4
– Sigmar 47239 Bayer- 3
– Sigrid 47179 Sonnen- 119
– Silvia 47179 In der Lunnenheide 31
– Silke 47198 König- 90
– Susanne 47138 Essen-Steeler- 38
– Sylvia 47138 Wiesbadener- 7
– Tanja 47226 Richard-Wagner- 18
– Theodor 47226 Eichen- 19
– Theresa 47169 Elsässer- 3
– Thomas 47137 Hertz- 5
– Thomas 47053 Musfeld- 138
– Thomas 47138 Wiesbadener- 7
– Thorsten 47057 Kammer- 206
– Thorsten 47167 Theodor-Heuss- 12
– Tobias 47178 Ziegelhorst- 3
– Toni 47249 Kaiserswerther- 93a
– Ulrich 47058 Hecken- 41
– Ulrike 47226 Krefelder- 45
– Ursula 47137 Schliemann- 8
– Ursula 47137 Moritz-Tigler- 19
– Ute 47167 Lüneburger- 12
– Uwe 47169 Im Weidekamp 5
– Walter 47198 Hochfeld- 17
– Werner 47167 Am Tellmannshof 11
– Werner 47137 Bahnhof- 145
– Werner 47053 Trautenau- 24
– Wilma 47137 Am Mismahlshof 36
Lang-Mielke Marlene
47239 Hochfeld- 96
Langa Elisabeth
47249 Lüderitzallee 20
– Franz 47259 Im Alten Bruch 3a
– Gertrud 47259 Im Alten Bruch 3a
– Hannelore 47259 Hahnenklee- 11
– Helmut 47249 Lüderitzallee 20
– Ursula 47259 Angerhauser- 32
Langanke Angelika
47239 Rheinhausener- 15
Langanki Andreas
47239 Zu den Eichen 31
– Daniela 47239 Zu den Eichen 31
– Gerda 47053 Eichenhof 15
Einwohner ● Namen-Teil
A-DU
Firmen, Gewerbebetriebe usw. nach Namen – siehe gelber Teil
